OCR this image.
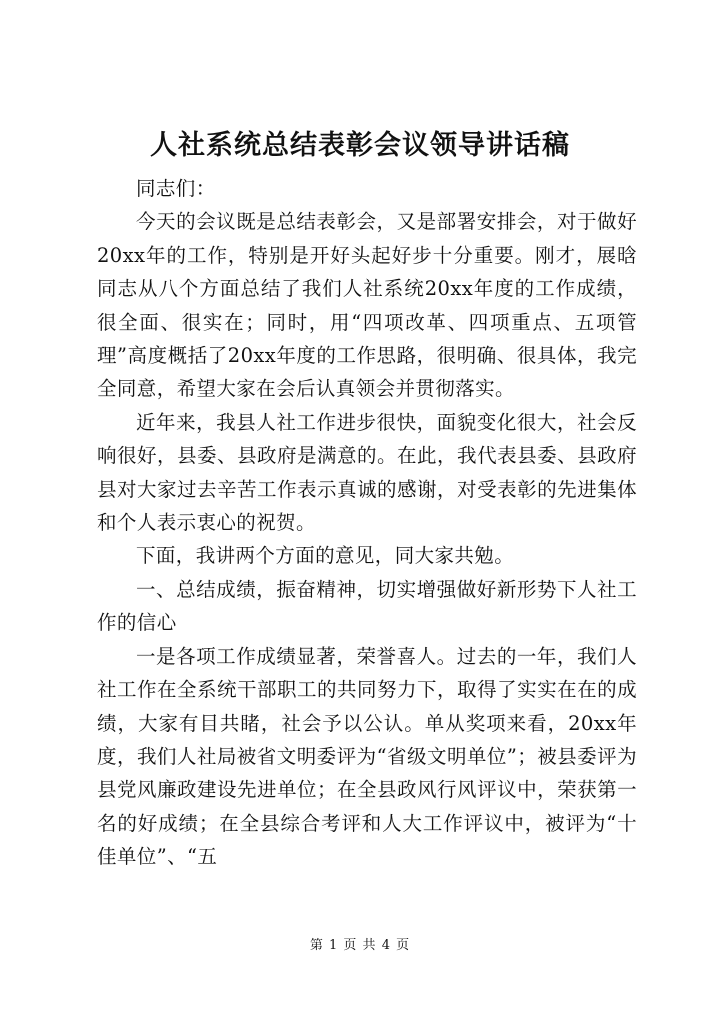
人社系统总结表彰会议领导讲话稿

同志们：

今天的会议既是总结表彰会，又是部署安排会，对于做好20xx年的工作，特别是开好头起好步十分重要。刚才，展晗同志从八个方面总结了我们人社系统20xx年度的工作成绩，很全面、很实在；同时，用“四项改革、四项重点、五项管理”高度概括了20xx年度的工作思路，很明确、很具体，我完全同意，希望大家在会后认真领会并贯彻落实。

近年来，我县人社工作进步很快，面貌变化很大，社会反响很好，县委、县政府是满意的。在此，我代表县委、县政府县对大家过去辛苦工作表示真诚的感谢，对受表彰的先进集体和个人表示衷心的祝贺。

下面，我讲两个方面的意见，同大家共勉。

一、总结成绩，振奋精神，切实增强做好新形势下人社工作的信心

一是各项工作成绩显著，荣誉喜人。过去的一年，我们人社工作在全系统干部职工的共同努力下，取得了实实在在的成绩，大家有目共睹，社会予以公认。单从奖项来看，20xx年度，我们人社局被省文明委评为“省级文明单位”；被县委评为县党风廉政建设先进单位；在全县政风行风评议中，荣获第一名的好成绩；在全县综合考评和人大工作评议中，被评为“十佳单位”、“五

第 1 页 共 4 页
